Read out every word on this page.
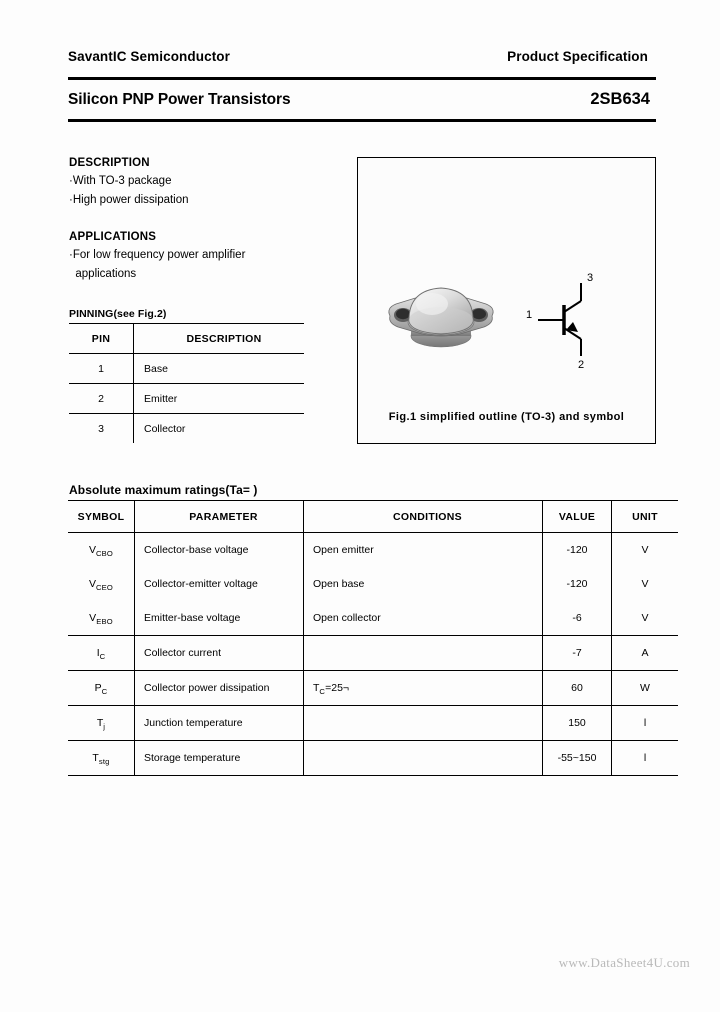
SavantIC Semiconductor	Product Specification
Silicon PNP Power Transistors	2SB634
DESCRIPTION
·With TO-3 package
·High power dissipation
APPLICATIONS
·For low frequency power amplifier
applications
PINNING(see Fig.2)
PIN	DESCRIPTION
1	Base
2	Emitter
3	Collector
1
3
2
Fig.1 simplified outline (TO-3) and symbol
Absolute maximum ratings(Ta= )
SYMBOL	PARAMETER	CONDITIONS	VALUE	UNIT
$V_{CBO}$	Collector-base voltage	Open emitter	-120	V
$V_{CEO}$	Collector-emitter voltage	Open base	-120	V
$V_{EBO}$	Emitter-base voltage	Open collector	-6	V
$I_C$	Collector current		-7	A
$P_C$	Collector power dissipation	$T_C=25\neg$	60	W
$T_j$	Junction temperature		150	l
$T_{stg}$	Storage temperature		-55~150	l
www.DataSheet4U.com
